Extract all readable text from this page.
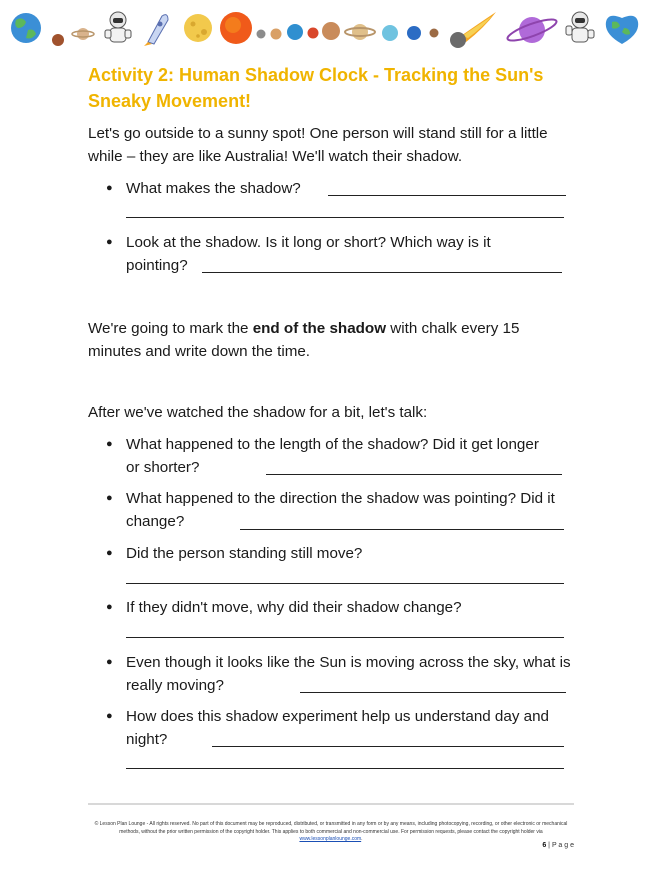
Activity 2: Human Shadow Clock - Tracking the Sun's Sneaky Movement!

Let's go outside to a sunny spot! One person will stand still for a little while – they are like Australia! We'll watch their shadow.

● What makes the shadow?
● Look at the shadow. Is it long or short? Which way is it pointing?

We're going to mark the end of the shadow with chalk every 15 minutes and write down the time.

After we've watched the shadow for a bit, let's talk:

● What happened to the length of the shadow? Did it get longer or shorter?
● What happened to the direction the shadow was pointing? Did it change?
● Did the person standing still move?
● If they didn't move, why did their shadow change?
● Even though it looks like the Sun is moving across the sky, what is really moving?
● How does this shadow experiment help us understand day and night?
© Lesson Plan Lounge - All rights reserved. No part of this document may be reproduced, distributed, or transmitted in any form or by any means, including photocopying, recording, or other electronic or mechanical methods, without the prior written permission of the copyright holder. This applies to both commercial and non-commercial use. For permission requests, please contact the copyright holder via www.lessonplanlounge.com.
6 | P a g e
